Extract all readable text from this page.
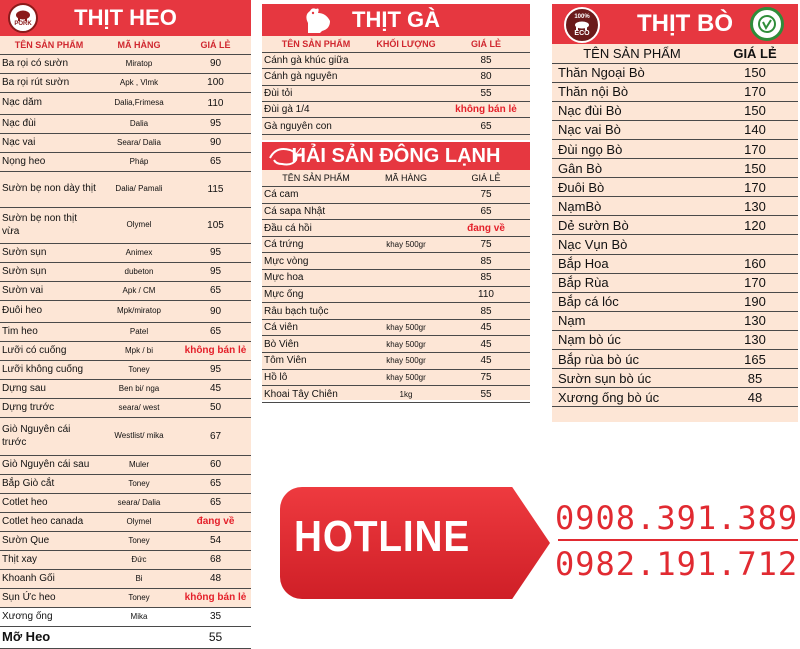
PORK THỊT HEO
TÊN SẢN PHẨM	MÃ HÀNG	GIÁ LẺ
Ba rọi có sườn	Miratop	90
Ba rọi rút sườn	Apk , Vlmk	100
Nạc dăm	Dalia,Frimesa	110
Nạc đùi	Dalia	95
Nạc vai	Seara/ Dalia	90
Nọng heo	Pháp	65
Sườn bẹ non dày thịt	Dalia/ Pamali	115
Sườn bẹ non thịt vừa	Olymel	105
Sườn sụn	Animex	95
Sườn sụn	dubeton	95
Sườn vai	Apk / CM	65
Đuôi heo	Mpk/miratop	90
Tim heo	Patel	65
Lưỡi có cuống	Mpk / bi	không bán lẻ
Lưỡi không cuống	Toney	95
Dựng sau	Ben bi/ nga	45
Dựng trước	seara/ west	50
Giò Nguyên cái trước	Westlist/ mika	67
Giò Nguyên cái sau	Muler	60
Bắp Giò cắt	Toney	65
Cotlet heo	seara/ Dalia	65
Cotlet heo canada	Olymel	đang về
Sườn Que	Toney	54
Thịt xay	Đức	68
Khoanh Gối	Bi	48
Sụn Ức heo	Toney	không bán lẻ
Xương ống	Mika	35
Mỡ Heo		55
THỊT GÀ
TÊN SẢN PHẨM	KHỐI LƯỢNG	GIÁ LẺ
Cánh gà khúc giữa		85
Cánh gà nguyên		80
Đùi tỏi		55
Đùi gà 1/4		không bán lẻ
Gà nguyên con		65
HẢI SẢN ĐÔNG LẠNH
TÊN SẢN PHẨM	MÃ HÀNG	GIÁ LẺ
Cá cam		75
Cá sapa Nhật		65
Đầu cá hồi		đang về
Cá trứng	khay 500gr	75
Mực vòng		85
Mực hoa		85
Mực ống		110
Râu bạch tuộc		85
Cá viên	khay 500gr	45
Bò Viên	khay 500gr	45
Tôm Viên	khay 500gr	45
Hồ lô	khay 500gr	75
Khoai Tây Chiên	1kg	55
100%
ECO THỊT BÒ
TÊN SẢN PHẨM	GIÁ LẺ
Thăn Ngoại Bò	150
Thăn nội Bò	170
Nạc đùi Bò	150
Nạc vai Bò	140
Đùi ngọ Bò	170
Gân Bò	150
Đuôi Bò	170
NạmBò	130
Dẻ sườn Bò	120
Nạc Vụn Bò	
Bắp Hoa	160
Bắp Rùa	170
Bắp cá lóc	190
Nạm	130
Nạm bò úc	130
Bắp rùa bò úc	165
Sườn sụn bò úc	85
Xương ống bò úc	48
HOTLINE	0908.391.389
0982.191.712
